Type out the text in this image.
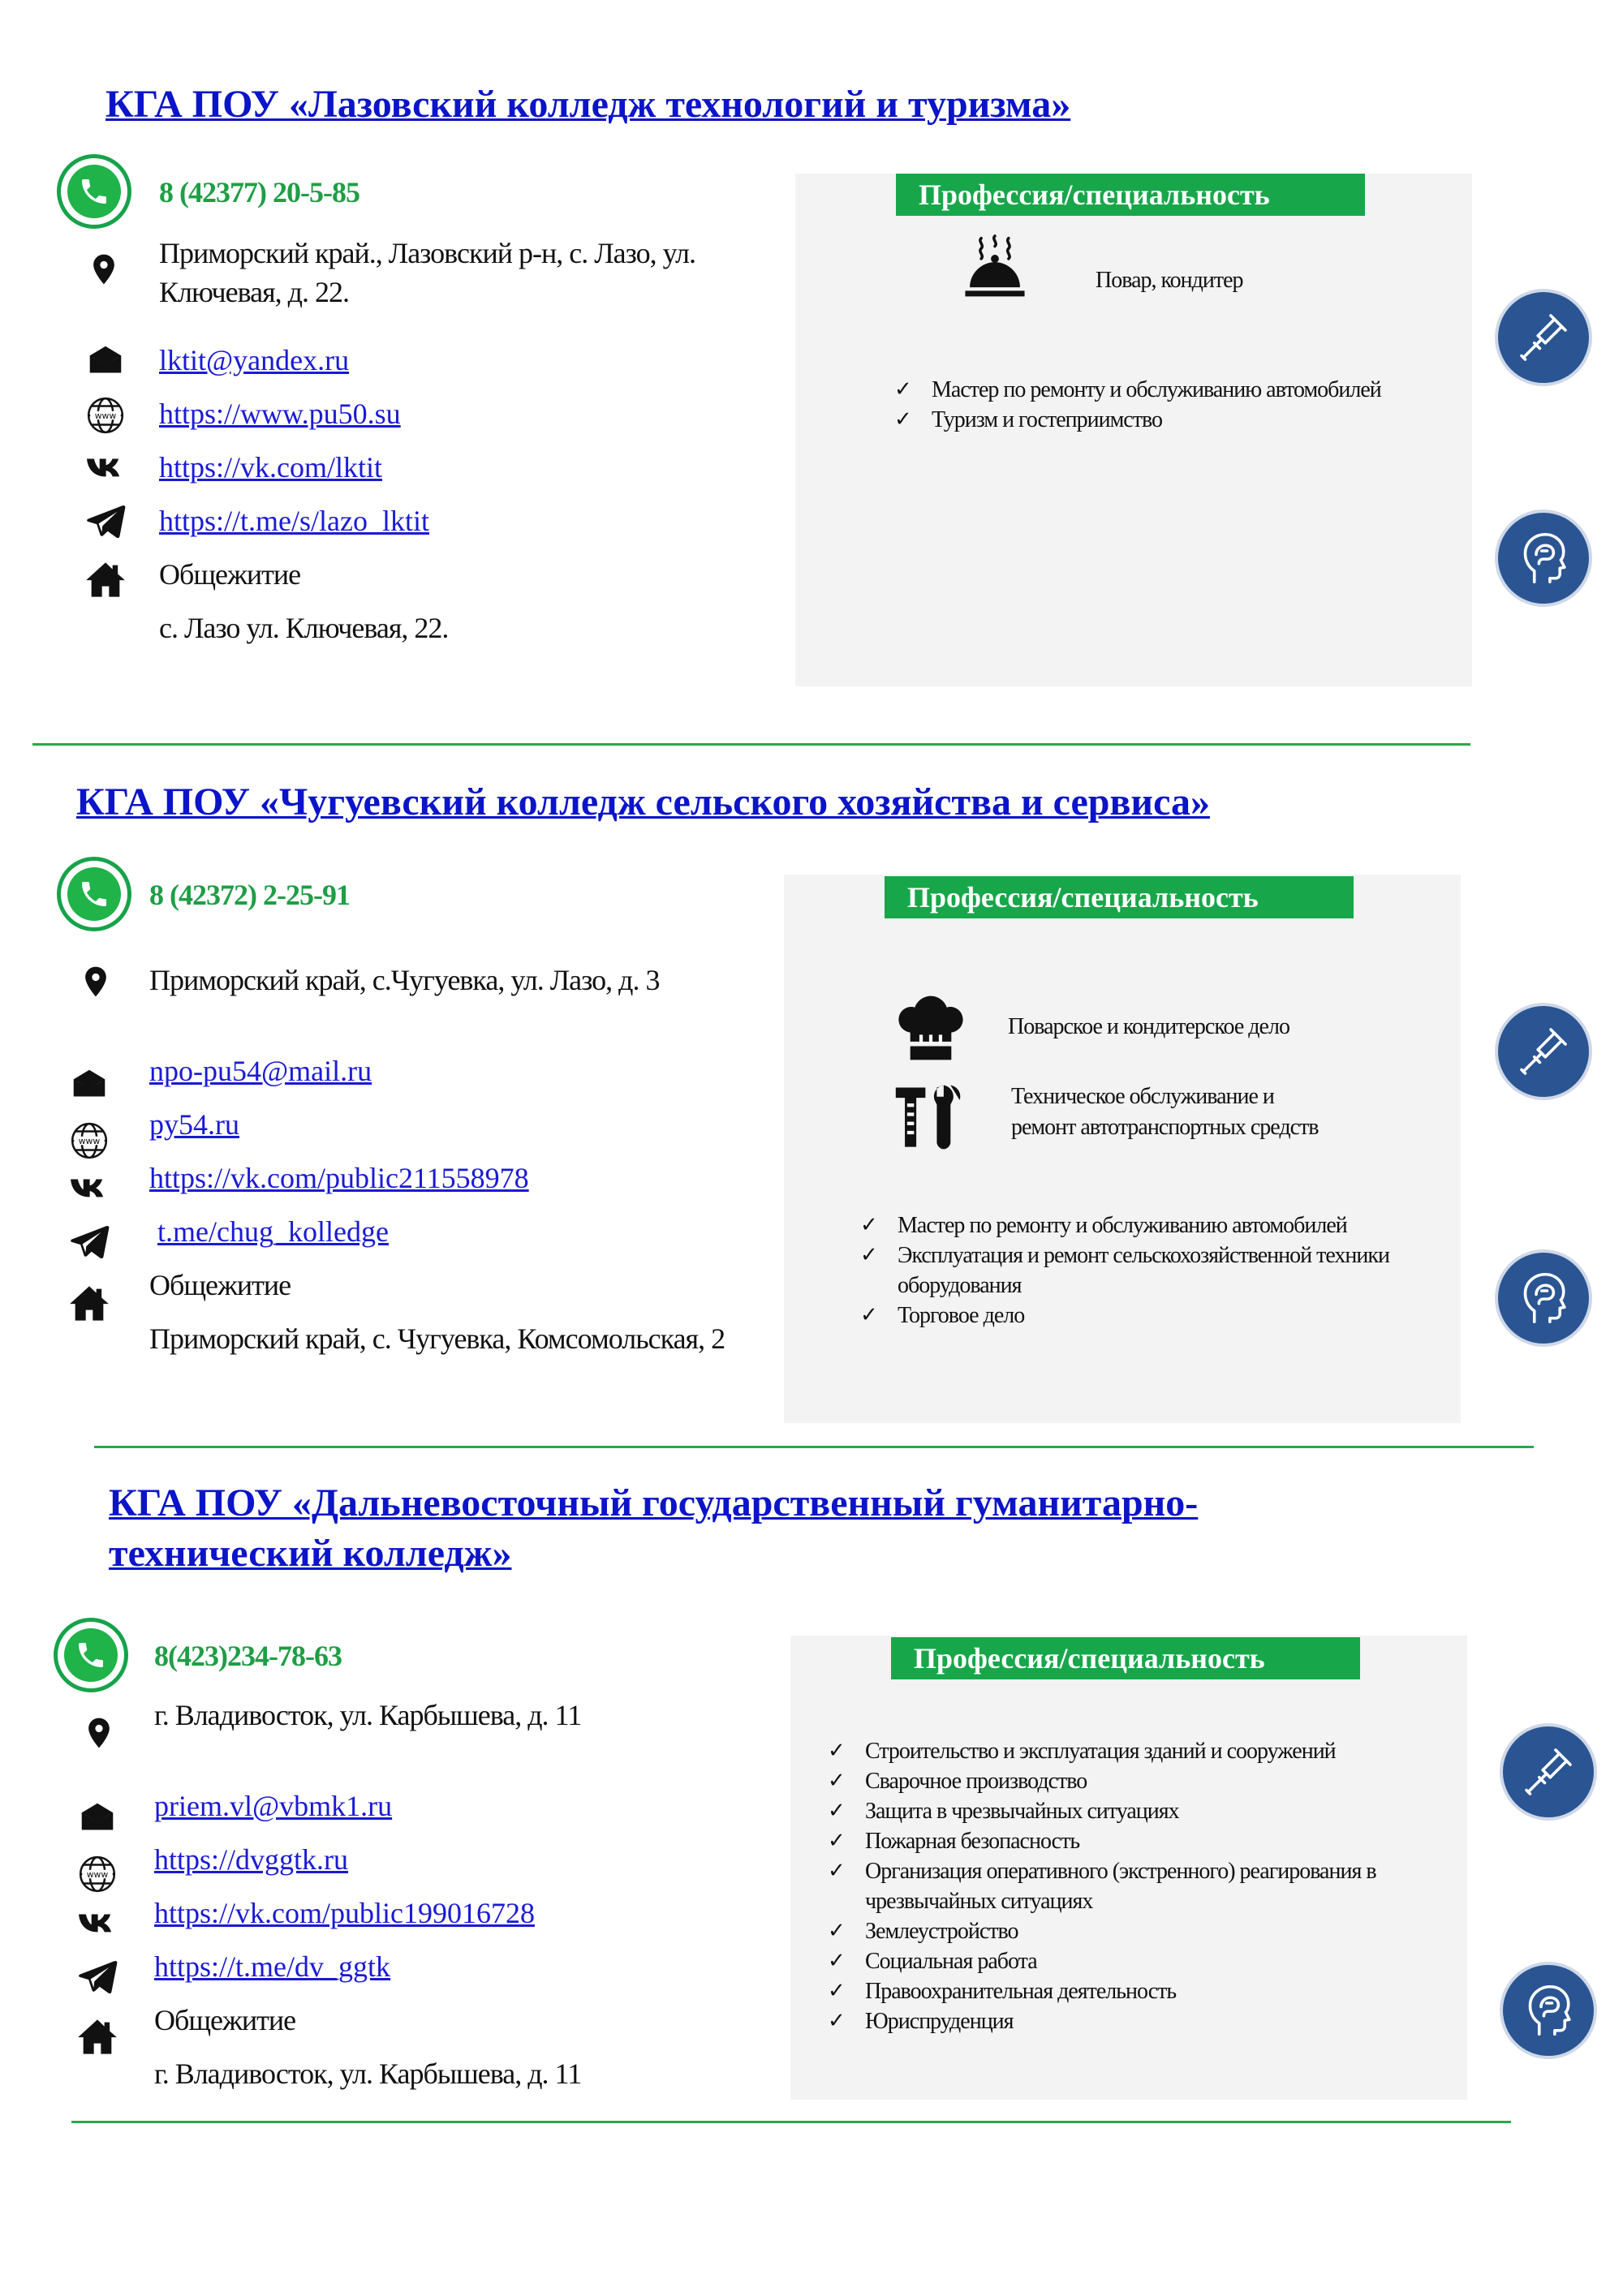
КГА ПОУ «Лазовский колледж технологий и туризма»
8 (42377) 20-5-85
Приморский край., Лазовский р-н, с. Лазо, ул.
Ключевая, д. 22.
lktit@yandex.ru
https://www.pu50.su
https://vk.com/lktit
https://t.me/s/lazo_lktit
Общежитие
с. Лазо ул. Ключевая, 22.
Профессия/специальность
Повар, кондитер
✓ Мастер по ремонту и обслуживанию автомобилей
✓ Туризм и гостеприимство
КГА ПОУ «Чугуевский колледж сельского хозяйства и сервиса»
8 (42372) 2-25-91
Приморский край, с.Чугуевка, ул. Лазо, д. 3
npo-pu54@mail.ru
py54.ru
https://vk.com/public211558978
t.me/chug_kolledge
Общежитие
Приморский край, с. Чугуевка, Комсомольская, 2
Профессия/специальность
Поварское и кондитерское дело
Техническое обслуживание и
ремонт автотранспортных средств
✓ Мастер по ремонту и обслуживанию автомобилей
✓ Эксплуатация и ремонт сельскохозяйственной техники
оборудования
✓ Торговое дело
КГА ПОУ «Дальневосточный государственный гуманитарно-
технический колледж»
8(423)234-78-63
г. Владивосток, ул. Карбышева, д. 11
priem.vl@vbmk1.ru
https://dvggtk.ru
https://vk.com/public199016728
https://t.me/dv_ggtk
Общежитие
г. Владивосток, ул. Карбышева, д. 11
Профессия/специальность
✓ Строительство и эксплуатация зданий и сооружений
✓ Сварочное производство
✓ Защита в чрезвычайных ситуациях
✓ Пожарная безопасность
✓ Организация оперативного (экстренного) реагирования в
чрезвычайных ситуациях
✓ Землеустройство
✓ Социальная работа
✓ Правоохранительная деятельность
✓ Юриспруденция
